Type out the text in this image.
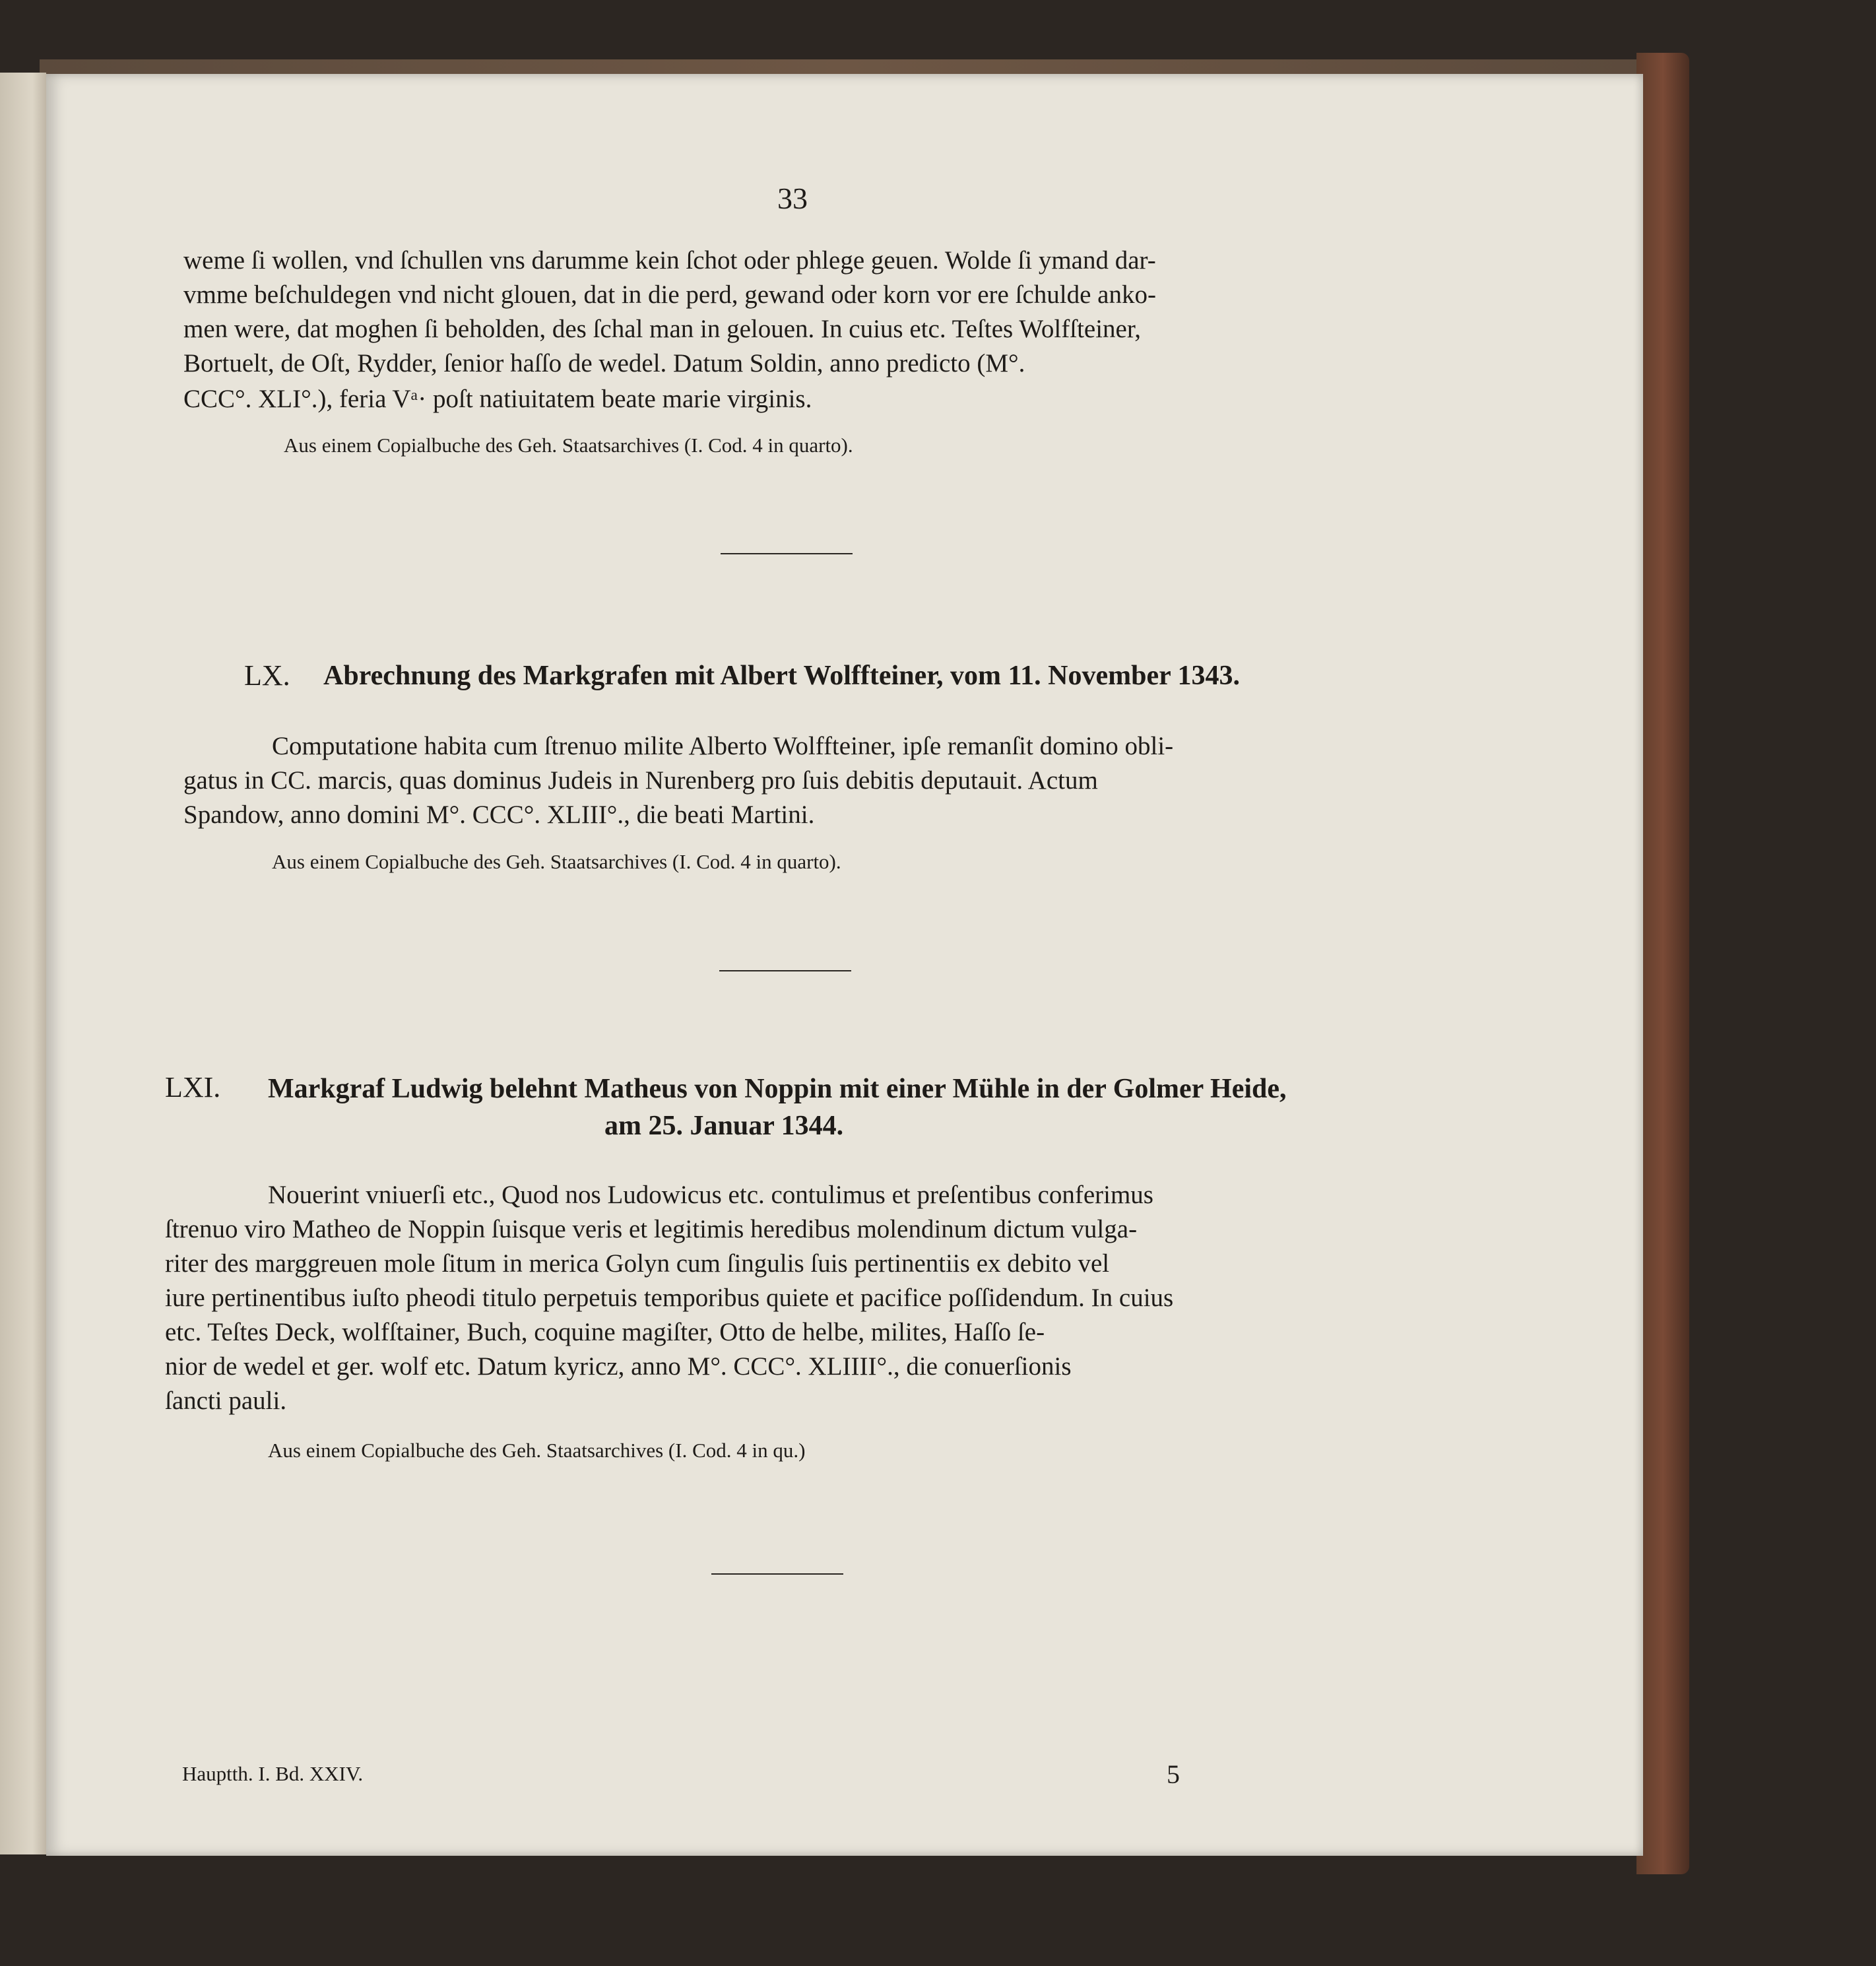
33
weme ſi wollen, vnd ſchullen vns darumme kein ſchot oder phlege geuen. Wolde ſi ymand dar-
vmme beſchuldegen vnd nicht glouen, dat in die perd, gewand oder korn vor ere ſchulde ankо-
men were, dat moghen ſi beholden, des ſchal man in gelouen. In cuius etc. Teſtes Wolfſteiner,
Bortuelt, de Oſt, Rydder, ſenior haſſo de wedel. Datum Soldin, anno predicto (M°.
CCC°. XLI°.), feria Vᵃ· poſt natiuitatem beate marie virginis.
Aus einem Copialbuche des Geh. Staatsarchives (I. Cod. 4 in quarto).
LX. Abrechnung des Markgrafen mit Albert Wolffteiner, vom 11. November 1343.
Computatione habita cum ſtrenuo milite Alberto Wolffteiner, ipſe remanſit domino obli-
gatus in CC. marcis, quas dominus Judeis in Nurenberg pro ſuis debitis deputauit. Actum
Spandow, anno domini M°. CCC°. XLIII°., die beati Martini.
Aus einem Copialbuche des Geh. Staatsarchives (I. Cod. 4 in quarto).
LXI. Markgraf Ludwig belehnt Matheus von Noppin mit einer Mühle in der Golmer Heide,
am 25. Januar 1344.
Nouerint vniuerſi etc., Quod nos Ludowicus etc. contulimus et preſentibus conferimus
ſtrenuo viro Matheo de Noppin ſuisque veris et legitimis heredibus molendinum dictum vulga-
riter des marggreuen mole ſitum in merica Golyn cum ſingulis ſuis pertinentiis ex debito vel
iure pertinentibus iuſto pheodi titulo perpetuis temporibus quiete et pacifice poſſidendum. In cuius
etc. Teſtes Deck, wolfſtainer, Buch, coquine magiſter, Otto de helbe, milites, Haſſo ſe-
nior de wedel et ger. wolf etc. Datum kyricz, anno M°. CCC°. XLIIII°., die conuerſionis
ſancti pauli.
Aus einem Copialbuche des Geh. Staatsarchives (I. Cod. 4 in qu.)
Hauptth. I. Bd. XXIV.	5
